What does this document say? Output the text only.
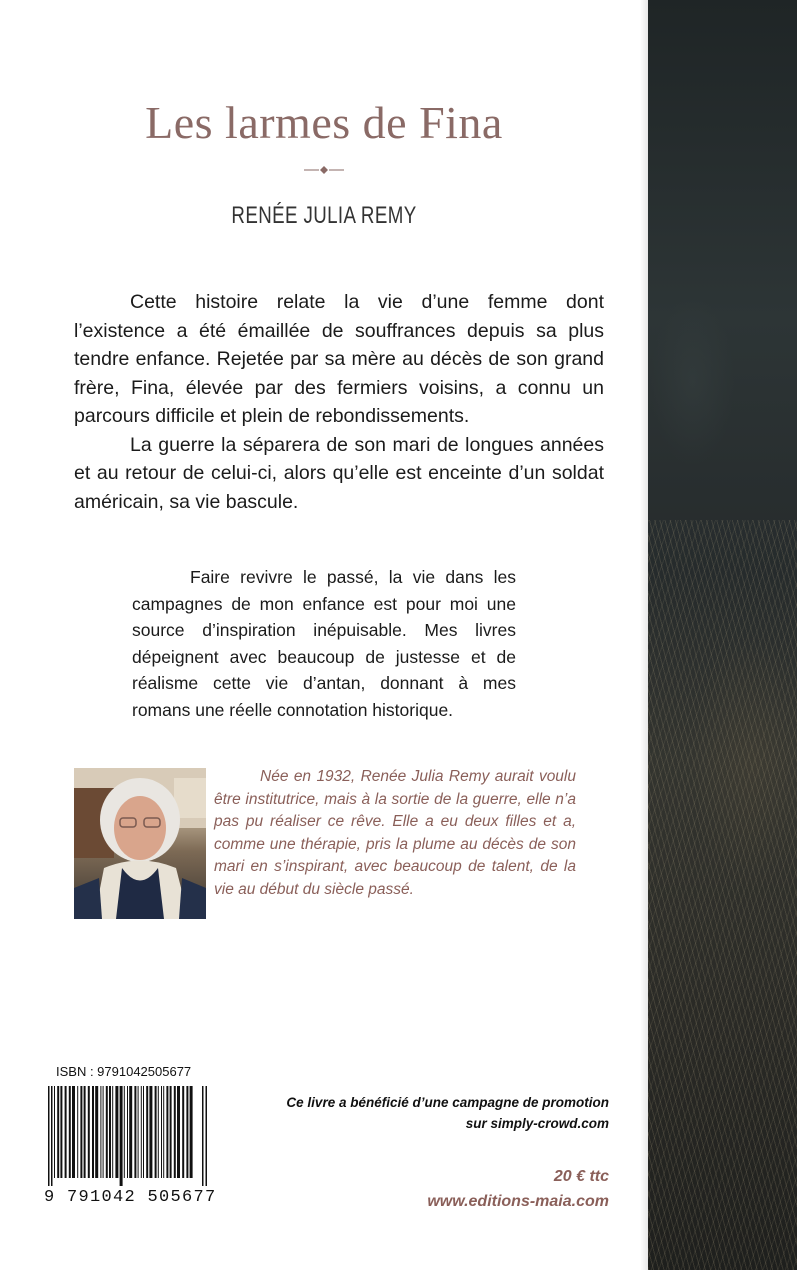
Les larmes de Fina
RENÉE JULIA REMY

Cette histoire relate la vie d’une femme dont l’existence a été émaillée de souffrances depuis sa plus tendre enfance. Rejetée par sa mère au décès de son grand frère, Fina, élevée par des fermiers voisins, a connu un parcours difficile et plein de rebondissements.

La guerre la séparera de son mari de longues années et au retour de celui-ci, alors qu’elle est enceinte d’un soldat américain, sa vie bascule.

Faire revivre le passé, la vie dans les campagnes de mon enfance est pour moi une source d’inspiration inépuisable. Mes livres dépeignent avec beaucoup de justesse et de réalisme cette vie d’antan, donnant à mes romans une réelle connotation historique.

Née en 1932, Renée Julia Remy aurait voulu être institutrice, mais à la sortie de la guerre, elle n’a pas pu réaliser ce rêve. Elle a eu deux filles et a, comme une thérapie, pris la plume au décès de son mari en s’inspirant, avec beaucoup de talent, de la vie au début du siècle passé.

ISBN : 9791042505677
9 791042 505677
Ce livre a bénéficié d’une campagne de promotion
sur simply-crowd.com
20 € ttc
www.editions-maia.com
